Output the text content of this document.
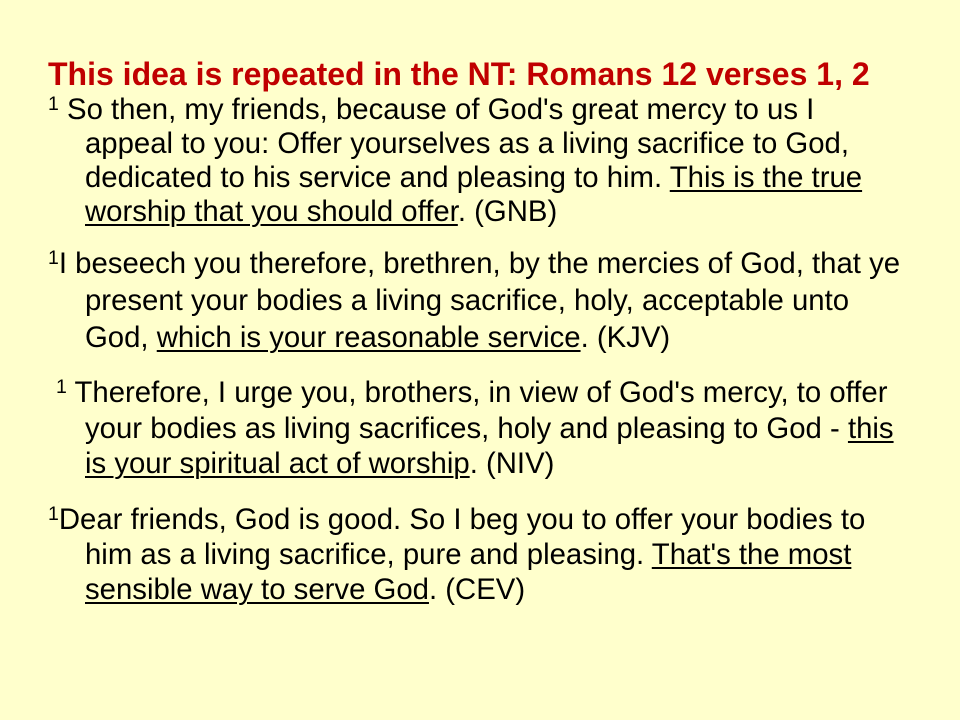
This idea is repeated in the NT: Romans 12 verses 1, 2
$^1$ So then, my friends, because of God's great mercy to us I
appeal to you: Offer yourselves as a living sacrifice to God,
dedicated to his service and pleasing to him. This is the true
worship that you should offer. (GNB)
$^1$I beseech you therefore, brethren, by the mercies of God, that ye
present your bodies a living sacrifice, holy, acceptable unto
God, which is your reasonable service. (KJV)
$^1$ Therefore, I urge you, brothers, in view of God's mercy, to offer
your bodies as living sacrifices, holy and pleasing to God - this
is your spiritual act of worship. (NIV)
$^1$Dear friends, God is good. So I beg you to offer your bodies to
him as a living sacrifice, pure and pleasing. That's the most
sensible way to serve God. (CEV)
